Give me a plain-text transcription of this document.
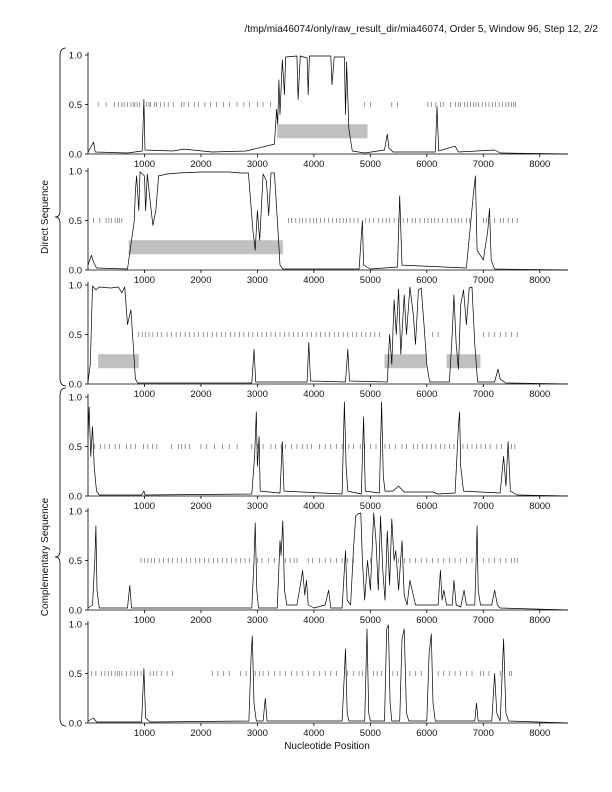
/tmp/mia46074/only/raw_result_dir/mia46074, Order 5, Window 96, Step 12, 2/2
0.0
0.5
1.0
1000	2000	3000	4000	5000	6000	7000	8000
0.0
0.5
1.0
1000	2000	3000	4000	5000	6000	7000	8000
0.0
0.5
1.0
1000	2000	3000	4000	5000	6000	7000	8000
0.0
0.5
1.0
1000	2000	3000	4000	5000	6000	7000	8000
0.0
0.5
1.0
1000	2000	3000	4000	5000	6000	7000	8000
0.0
0.5
1.0
1000	2000	3000	4000	5000	6000	7000	8000
Direct Sequence
Complementary Sequence
Nucleotide Position
